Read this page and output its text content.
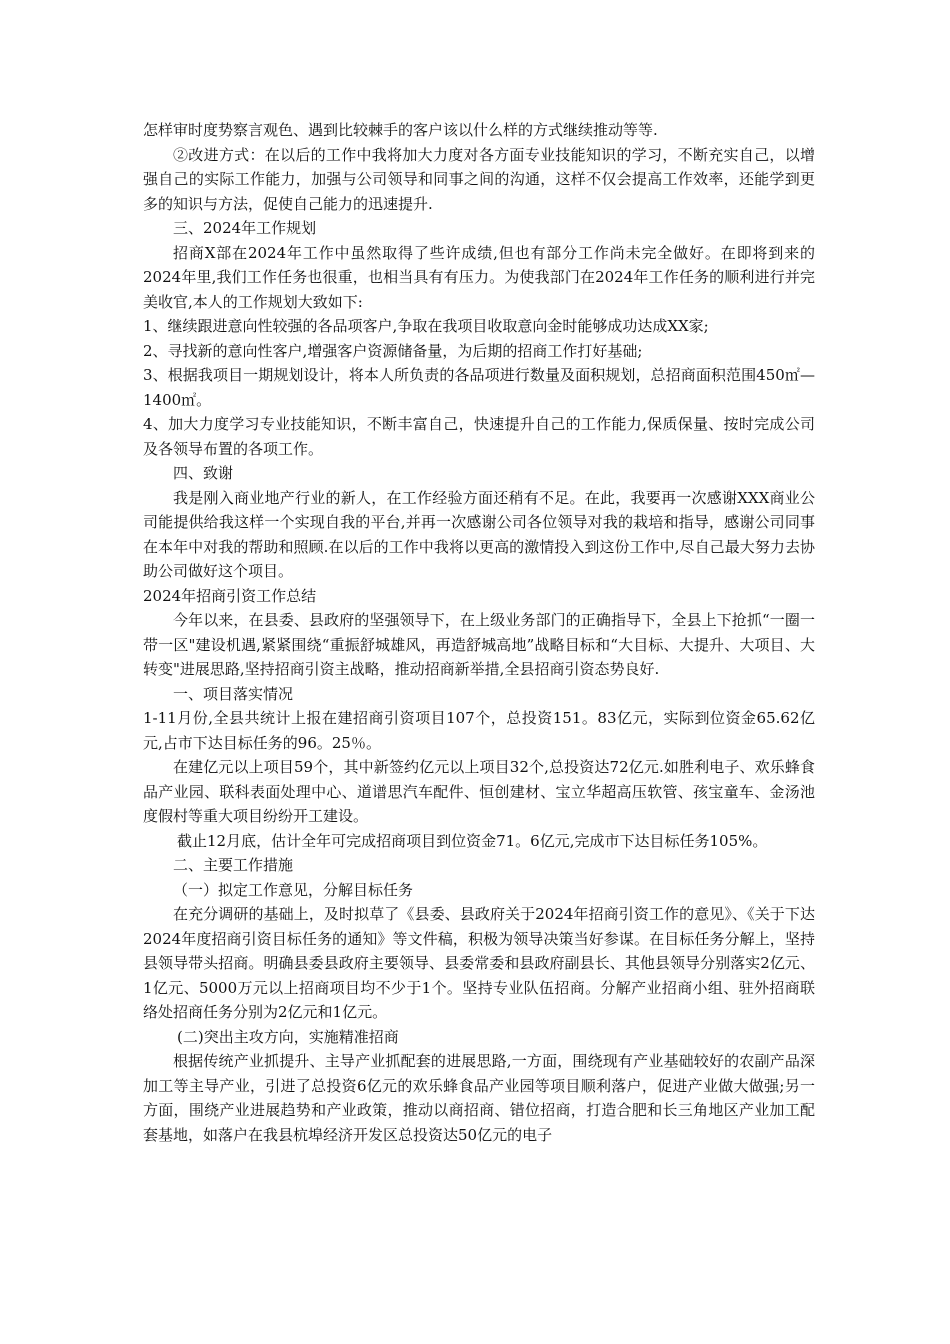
怎样审时度势察言观色、遇到比较棘手的客户该以什么样的方式继续推动等等.

②改进方式：在以后的工作中我将加大力度对各方面专业技能知识的学习，不断充实自己，以增强自己的实际工作能力，加强与公司领导和同事之间的沟通，这样不仅会提高工作效率，还能学到更多的知识与方法，促使自己能力的迅速提升.

三、2024年工作规划

招商X部在2024年工作中虽然取得了些许成绩,但也有部分工作尚未完全做好。在即将到来的2024年里,我们工作任务也很重，也相当具有有压力。为使我部门在2024年工作任务的顺利进行并完美收官,本人的工作规划大致如下:

1、继续跟进意向性较强的各品项客户,争取在我项目收取意向金时能够成功达成XX家;

2、寻找新的意向性客户,增强客户资源储备量，为后期的招商工作打好基础;

3、根据我项目一期规划设计，将本人所负责的各品项进行数量及面积规划，总招商面积范围450㎡—1400㎡。

4、加大力度学习专业技能知识，不断丰富自己，快速提升自己的工作能力,保质保量、按时完成公司及各领导布置的各项工作。

四、致谢

我是刚入商业地产行业的新人，在工作经验方面还稍有不足。在此，我要再一次感谢XXX商业公司能提供给我这样一个实现自我的平台,并再一次感谢公司各位领导对我的栽培和指导，感谢公司同事在本年中对我的帮助和照顾.在以后的工作中我将以更高的激情投入到这份工作中,尽自己最大努力去协助公司做好这个项目。

2024年招商引资工作总结

今年以来，在县委、县政府的坚强领导下，在上级业务部门的正确指导下，全县上下抢抓“一圈一带一区"建设机遇,紧紧围绕“重振舒城雄风，再造舒城高地”战略目标和“大目标、大提升、大项目、大转变"进展思路,坚持招商引资主战略，推动招商新举措,全县招商引资态势良好.

一、项目落实情况

1-11月份,全县共统计上报在建招商引资项目107个，总投资151。83亿元，实际到位资金65.62亿元,占市下达目标任务的96。25％。

在建亿元以上项目59个，其中新签约亿元以上项目32个,总投资达72亿元.如胜利电子、欢乐蜂食品产业园、联科表面处理中心、道谱思汽车配件、恒创建材、宝立华超高压软管、孩宝童车、金汤池度假村等重大项目纷纷开工建设。

截止12月底，估计全年可完成招商项目到位资金71。6亿元,完成市下达目标任务105%。

二、主要工作措施

（一）拟定工作意见，分解目标任务

在充分调研的基础上，及时拟草了《县委、县政府关于2024年招商引资工作的意见》、《关于下达2024年度招商引资目标任务的通知》等文件稿，积极为领导决策当好参谋。在目标任务分解上，坚持县领导带头招商。明确县委县政府主要领导、县委常委和县政府副县长、其他县领导分别落实2亿元、1亿元、5000万元以上招商项目均不少于1个。坚持专业队伍招商。分解产业招商小组、驻外招商联络处招商任务分别为2亿元和1亿元。

(二)突出主攻方向，实施精准招商

根据传统产业抓提升、主导产业抓配套的进展思路,一方面，围绕现有产业基础较好的农副产品深加工等主导产业，引进了总投资6亿元的欢乐蜂食品产业园等项目顺利落户，促进产业做大做强;另一方面，围绕产业进展趋势和产业政策，推动以商招商、错位招商，打造合肥和长三角地区产业加工配套基地，如落户在我县杭埠经济开发区总投资达50亿元的电子
